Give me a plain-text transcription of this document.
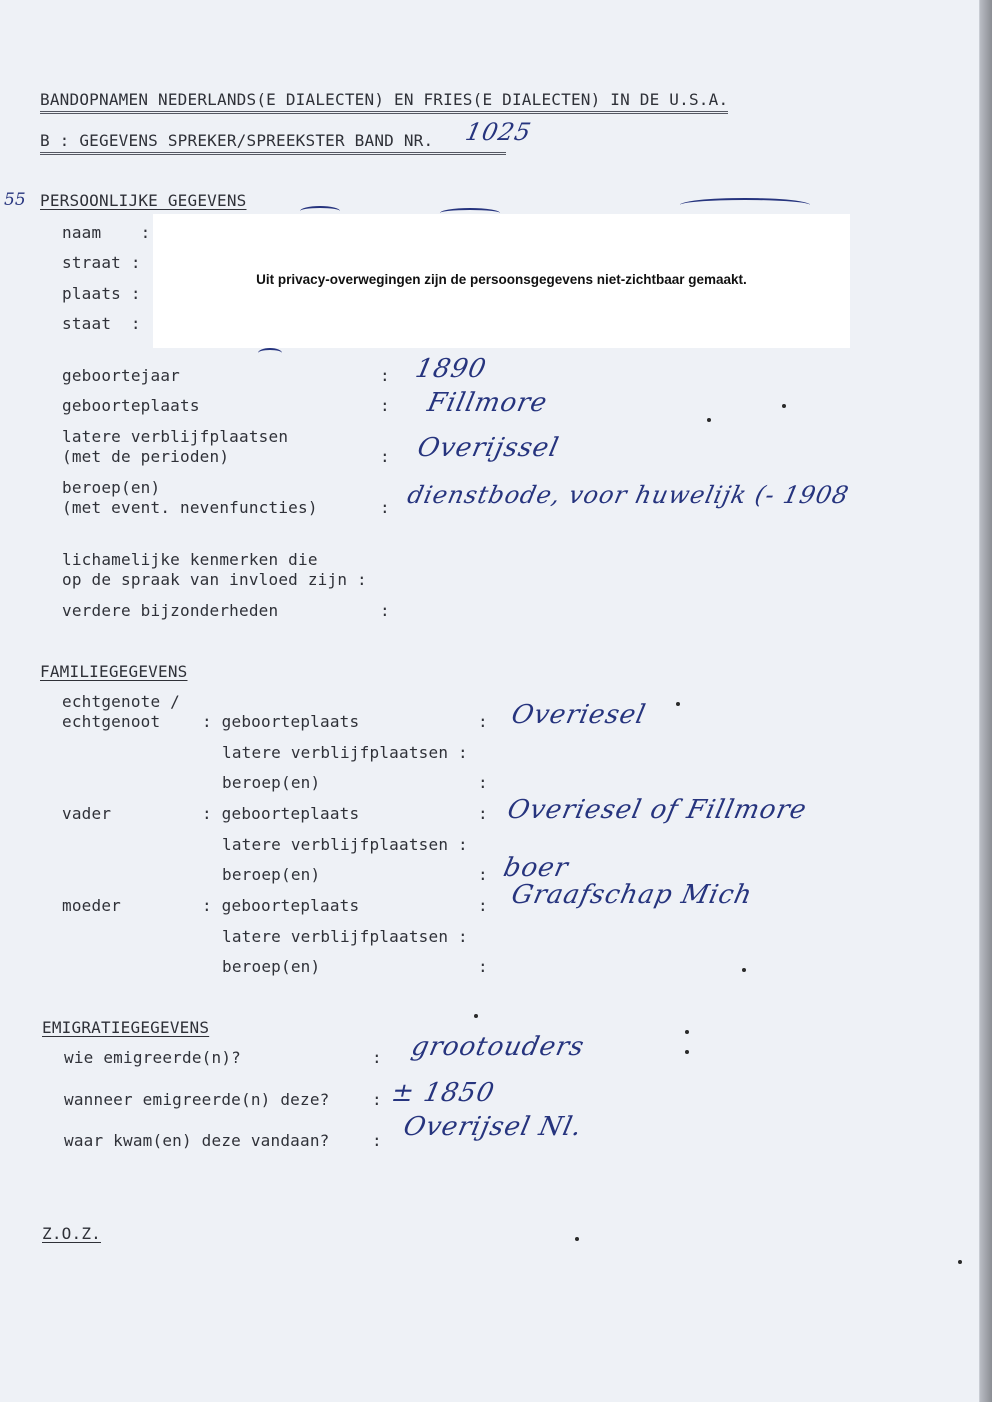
BANDOPNAMEN NEDERLANDS(E DIALECTEN) EN FRIES(E DIALECTEN) IN DE U.S.A.
B : GEGEVENS SPREKER/SPREEKSTER BAND NR.	1025
55 PERSOONLIJKE GEGEVENS
naam    :
straat :
plaats :
staat  :
Uit privacy-overwegingen zijn de persoonsgegevens niet-zichtbaar gemaakt.
geboortejaar	: 1890
geboorteplaats	: Fillmore
latere verblijfplaatsen
(met de perioden)	: Overijssel
beroep(en)
(met event. nevenfuncties)	: dienstbode, voor huwelijk (- 1908
lichamelijke kenmerken die
op de spraak van invloed zijn :
verdere bijzonderheden	:
FAMILIEGEGEVENS
echtgenote /
echtgenoot	: geboorteplaats	: Overiesel
latere verblijfplaatsen :
beroep(en)	:
vader	: geboorteplaats	: Overiesel of Fillmore
latere verblijfplaatsen :
beroep(en)	: boer
moeder	: geboorteplaats	: Graafschap Mich
latere verblijfplaatsen :
beroep(en)	:
EMIGRATIEGEGEVENS
wie emigreerde(n)?	: grootouders
wanneer emigreerde(n) deze?	: ± 1850
waar kwam(en) deze vandaan?	: Overijsel Nl.
Z.O.Z.
